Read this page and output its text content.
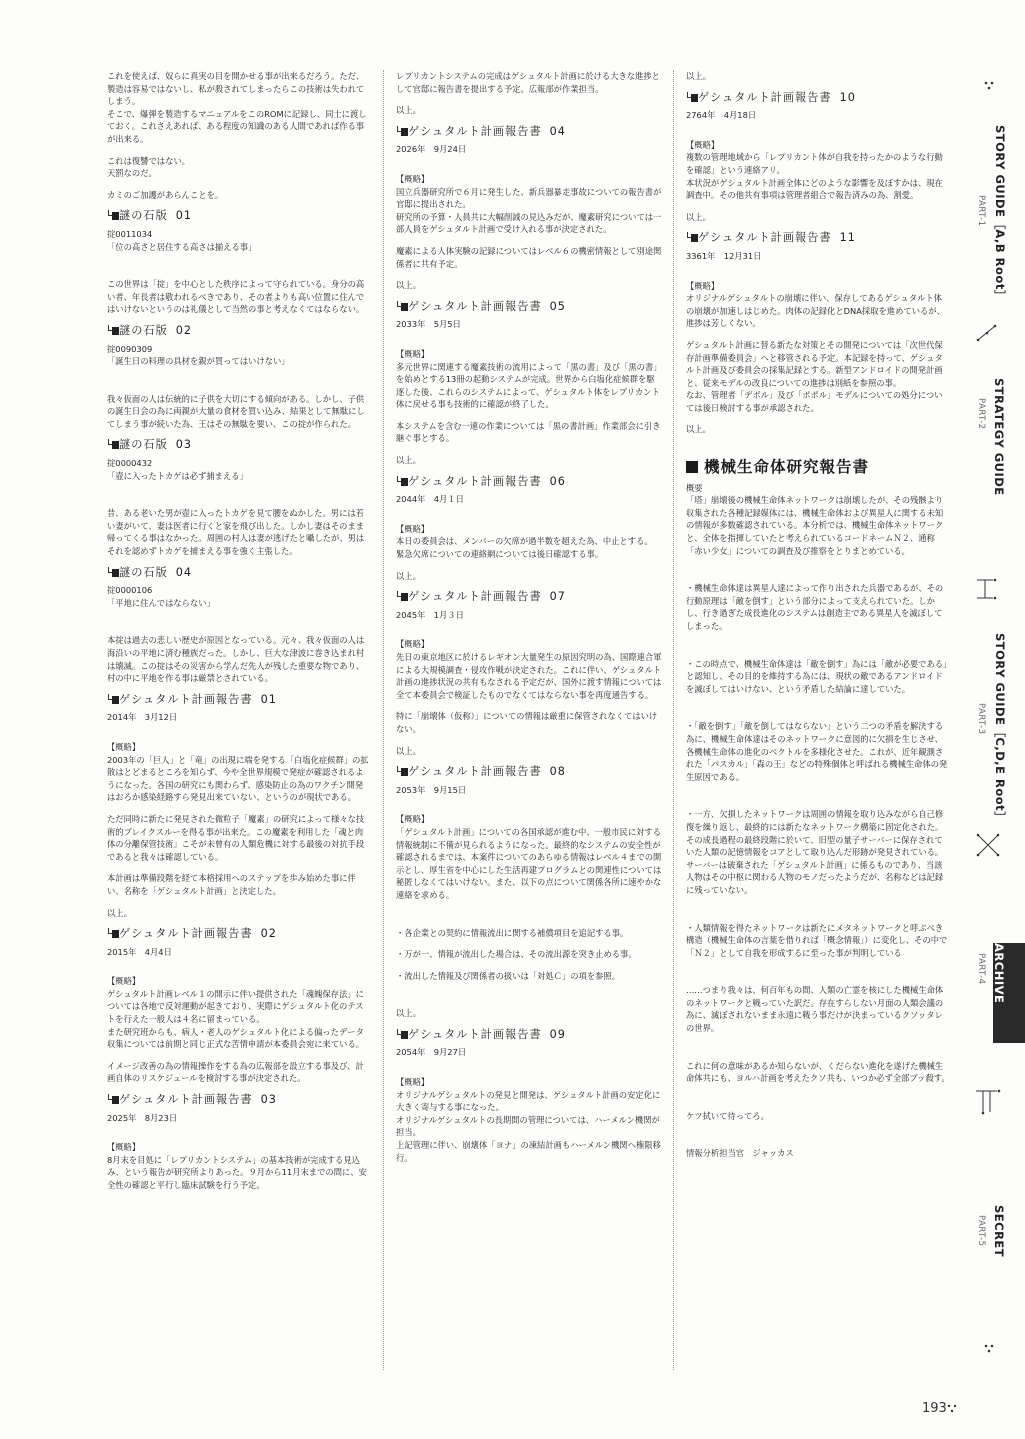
これを使えば、奴らに真実の目を開かせる事が出来るだろう。ただ、製造は容易ではないし、私が殺されてしまったらこの技術は失われてしまう。
そこで、爆弾を製造するマニュアルをこのROMに記録し、同士に渡しておく。これさえあれば、ある程度の知識のある人間であれば作る事が出来る。
これは復讐ではない。
天罰なのだ。
カミのご加護があらんことを。
謎の石版 01
掟0011034
「位の高さと居住する高さは揃える事」
この世界は「掟」を中心とした秩序によって守られている。身分の高い者、年長者は敬われるべきであり、その者よりも高い位置に住んではいけないというのは礼儀として当然の事と考えなくてはならない。
謎の石版 02
掟0090309
「誕生日の料理の具材を親が買ってはいけない」
我々仮面の人は伝統的に子供を大切にする傾向がある。しかし、子供の誕生日会の為に両親が大量の食材を買い込み、結果として無駄にしてしまう事が続いた為、王はその無駄を要い、この掟が作られた。
謎の石版 03
掟0000432
「壺に入ったトカゲは必ず捕まえる」
昔、ある老いた男が壺に入ったトカゲを見て腰をぬかした。男には若い妻がいて、妻は医者に行くと家を飛び出した。しかし妻はそのまま帰ってくる事はなかった。周囲の村人は妻が逃げたと囁したが、男はそれを認めずトカゲを捕まえる事を強く主張した。
謎の石版 04
掟0000106
「平地に住んではならない」
本掟は過去の悲しい歴史が原因となっている。元々、我々仮面の人は海沿いの平地に済む種族だった。しかし、巨大な津波に巻き込まれ村は壊滅。この掟はその災害から学んだ先人が残した重要な物であり、村の中に平地を作る事は厳禁とされている。
ゲシュタルト計画報告書 01
2014年　3月12日
【概略】
2003年の「巨人」と「竜」の出現に端を発する「白塩化症候群」の拡散はとどまるところを知らず、今や全世界規模で発症が確認されるようになった。各国の研究にも関わらず、感染防止の為のワクチン開発はおろか感染経路すら発見出来ていない、というのが現状である。
ただ同時に新たに発見された微粒子「魔素」の研究によって様々な技術的ブレイクスルーを得る事が出来た。この魔素を利用した「魂と肉体の分離保管技術」こそが未曾有の人類危機に対する最後の対抗手段であると我々は確認している。
本計画は準備段階を経て本格採用へのステップを歩み始めた事に伴い、名称を「ゲシュタルト計画」と決定した。
以上。
ゲシュタルト計画報告書 02
2015年　4月4日
【概略】
ゲシュタルト計画レベル１の開示に伴い提供された「魂魄保存法」については各地で反対運動が起きており、実際にゲシュタルト化のテストを行えた一般人は４名に留まっている。
また研究班からも、病人・老人のゲシュタルト化による偏ったデータ収集については前期と同じ正式な苦情申請が本委員会宛に来ている。
イメージ改善の為の情報操作をする為の広報部を設立する事及び、計画自体のリスケジュールを検討する事が決定された。
ゲシュタルト計画報告書 03
2025年　8月23日
【概略】
8月末を目処に「レプリカントシステム」の基本技術が完成する見込み、という報告が研究所よりあった。９月から11月末までの間に、安全性の確認と平行し臨床試験を行う予定。
レプリカントシステムの完成はゲシュタルト計画に於ける大きな進捗として官邸に報告書を提出する予定。広報部が作業担当。
以上。
ゲシュタルト計画報告書 04
2026年　9月24日
【概略】
国立兵器研究所で６月に発生した、新兵器暴走事故についての報告書が官邸に提出された。
研究所の予算・人員共に大幅削減の見込みだが、魔素研究については一部人員をゲシュタルト計画で受け入れる事が決定された。
魔素による人体実験の記録についてはレベル６の機密情報として別途関係者に共有予定。
以上。
ゲシュタルト計画報告書 05
2033年　5月5日
【概略】
多元世界に関連する魔素技術の流用によって「黒の書」及び「黒の書」を始めとする13冊の起動システムが完成。世界から白塩化症候群を駆逐した後、これらのシステムによって、ゲシュタルト体をレプリカント体に戻せる事も技術的に確認が終了した。
本システムを含む一連の作業については「黒の書計画」作業部会に引き継ぐ事とする。
以上。
ゲシュタルト計画報告書 06
2044年　4月１日
【概略】
本日の委員会は、メンバーの欠席が過半数を超えた為、中止とする。
緊急欠席についての連絡網については後日確認する事。
以上。
ゲシュタルト計画報告書 07
2045年　1月３日
【概略】
先日の東京地区に於けるレギオン大量発生の原因究明の為、国際連合軍による大規模調査・侵攻作戦が決定された。これに伴い、ゲシュタルト計画の進捗状況の共有もなされる予定だが、国外に渡す情報については全て本委員会で検証したものでなくてはならない事を再度通告する。
特に「崩壊体（仮称）」についての情報は厳重に保管されなくてはいけない。
以上。
ゲシュタルト計画報告書 08
2053年　9月15日
【概略】
「ゲシュタルト計画」についての各国承認が進む中、一般市民に対する情報統制に不備が見られるようになった。最終的なシステムの安全性が確認されるまでは、本案件についてのあらゆる情報はレベル４までの開示とし、厚生省を中心にした生活再建プログラムとの関連性については秘匿しなくてはいけない。また、以下の点について関係各所に速やかな連絡を求める。
・各企業との契約に情報流出に関する補償項目を追記する事。
・万が一、情報が流出した場合は、その流出源を突き止める事。
・流出した情報及び関係者の扱いは「対処Ｃ」の項を参照。
以上。
ゲシュタルト計画報告書 09
2054年　9月27日
【概略】
オリジナルゲシュタルトの発見と開発は、ゲシュタルト計画の安定化に大きく寄与する事になった。
オリジナルゲシュタルトの長期間の管理については、ハーメルン機関が担当。
上記管理に伴い、崩壊体「ヨナ」の凍結計画もハーメルン機関へ権限移行。
以上。
ゲシュタルト計画報告書 10
2764年　4月18日
【概略】
複数の管理地域から「レプリカント体が自我を持ったかのような行動を確認」という連絡アリ。
本状況がゲシュタルト計画全体にどのような影響を及ぼすかは、現在調査中。その他共有事項は管理者組合で報告済みの為、割愛。
以上。
ゲシュタルト計画報告書 11
3361年　12月31日
【概略】
オリジナルゲシュタルトの崩壊に伴い、保存してあるゲシュタルト体の崩壊が加速しはじめた。肉体の記録化とDNA採取を進めているが、進捗は芳しくない。
ゲシュタルト計画に替る新たな対策とその開発については「次世代保存計画準備委員会」へと移管される予定。本記録を持って、ゲシュタルト計画及び委員会の採集記録とする。新型アンドロイドの開発計画と、従来モデルの改良についての進捗は別紙を参照の事。
なお、管理者「デボル」及び「ポポル」モデルについての処分については後日検討する事が承認された。
以上。
機械生命体研究報告書
概要
「塔」崩壊後の機械生命体ネットワークは崩壊したが、その残骸より収集された各種記録媒体には、機械生命体および異星人に関する未知の情報が多数確認されている。本分析では、機械生命体ネットワークと、全体を指揮していたと考えられているコードネームＮ２、通称「赤い少女」についての調査及び推察をとりまとめている。
・機械生命体達は異星人達によって作り出された兵器であるが、その行動原理は「敵を倒す」という部分によって支えられていた。しかし、行き過ぎた成長進化のシステムは創造主である異星人を滅ぼしてしまった。
・この時点で、機械生命体達は「敵を倒す」為には「敵が必要である」と認知し、その目的を維持する為には、現状の敵であるアンドロイドを滅ぼしてはいけない、という矛盾した結論に達していた。
・「敵を倒す」「敵を倒してはならない」という二つの矛盾を解決する為に、機械生命体達はそのネットワークに意図的に欠損を生じさせ、各機械生命体の進化のベクトルを多様化させた。これが、近年観測された「パスカル」「森の王」などの特殊個体と呼ばれる機械生命体の発生原因である。
・一方、欠損したネットワークは周囲の情報を取り込みながら自己修復を繰り返し、最終的には新たなネットワーク構築に固定化された。その成長過程の最終段階に於いて、旧型の量子サーバーに保存されていた人類の記憶情報をコアとして取り込んだ形跡が発見されている。サーバーは破棄された「ゲシュタルト計画」に係るものであり、当該人物はその中枢に関わる人物のモノだったようだが、名称などは記録に残っていない。
・人類情報を得たネットワークは新たにメタネットワークと呼ぶべき構造（機械生命体の言葉を借りれば「概念情報」）に変化し、その中で「Ｎ２」として自我を形成するに至った事が判明している
……つまり我々は、何百年もの間、人類の亡霊を核にした機械生命体のネットワークと戦っていた訳だ。存在すらしない月面の人類会議の為に、滅ぼされないまま永遠に戦う事だけが決まっているクソッタレの世界。
これに何の意味があるか知らないが、くだらない進化を遂げた機械生命体共にも、ヨルハ計画を考えたクソ共も、いつか必ず全部ブッ殺す。
ケツ拭いて待ってろ。
情報分析担当官　ジャッカス
STORY GUIDE［A,B Root］
PART-1
STRATEGY GUIDE
PART-2
STORY GUIDE［C,D,E Root］
PART-3
ARCHIVE
PART-4
SECRET
PART-5
193
